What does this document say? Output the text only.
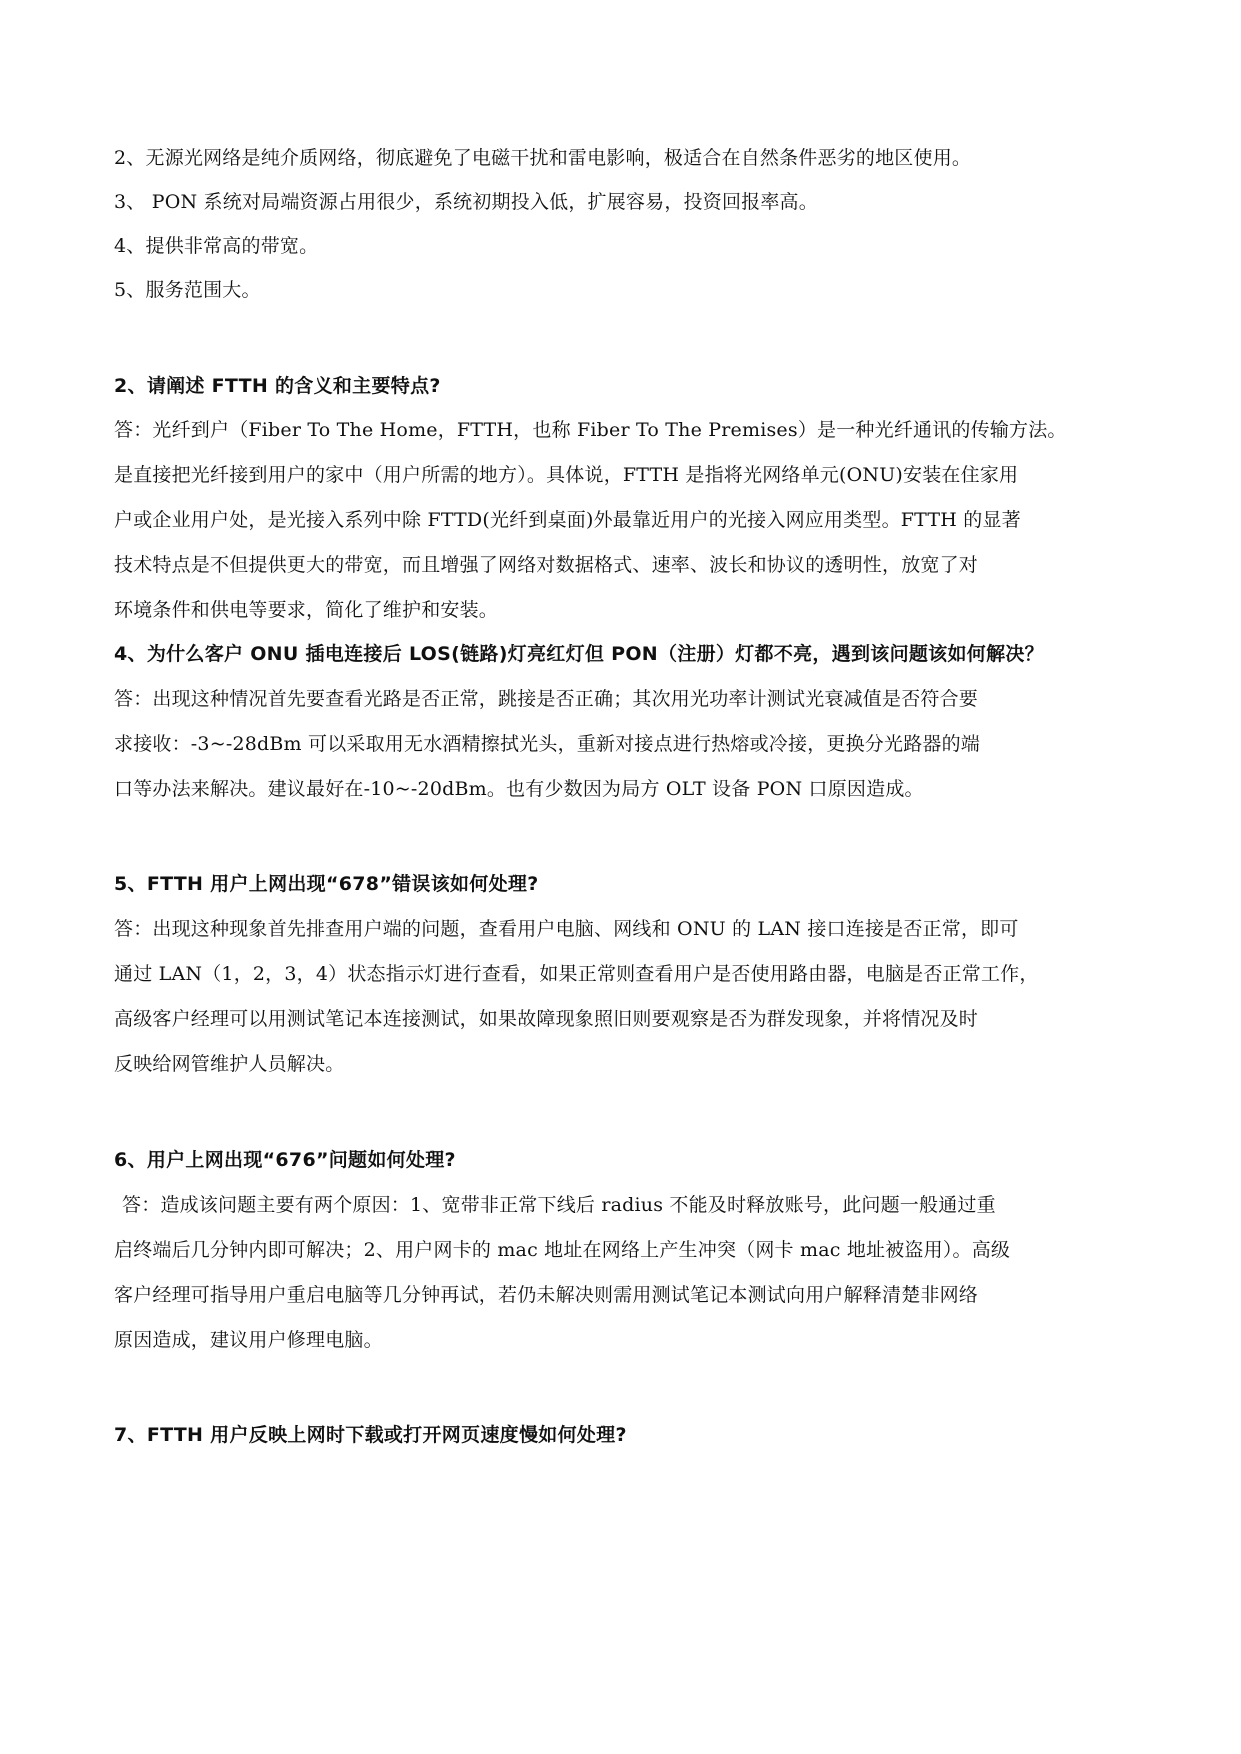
2、无源光网络是纯介质网络，彻底避免了电磁干扰和雷电影响，极适合在自然条件恶劣的地区使用。
3、 PON 系统对局端资源占用很少，系统初期投入低，扩展容易，投资回报率高。
4、提供非常高的带宽。
5、服务范围大。
2、请阐述 FTTH 的含义和主要特点?
答：光纤到户（Fiber To The Home，FTTH，也称 Fiber To The Premises）是一种光纤通讯的传输方法。
是直接把光纤接到用户的家中（用户所需的地方）。具体说，FTTH 是指将光网络单元(ONU)安装在住家用
户或企业用户处，是光接入系列中除 FTTD(光纤到桌面)外最靠近用户的光接入网应用类型。FTTH 的显著
技术特点是不但提供更大的带宽，而且增强了网络对数据格式、速率、波长和协议的透明性，放宽了对
环境条件和供电等要求，简化了维护和安装。
4、为什么客户 ONU 插电连接后 LOS(链路)灯亮红灯但 PON（注册）灯都不亮，遇到该问题该如何解决？
答：出现这种情况首先要查看光路是否正常，跳接是否正确；其次用光功率计测试光衰减值是否符合要
求接收：-3~-28dBm 可以采取用无水酒精擦拭光头，重新对接点进行热熔或冷接，更换分光路器的端
口等办法来解决。建议最好在-10~-20dBm。也有少数因为局方 OLT 设备 PON 口原因造成。
5、FTTH 用户上网出现“678”错误该如何处理?
答：出现这种现象首先排查用户端的问题，查看用户电脑、网线和 ONU 的 LAN 接口连接是否正常，即可
通过 LAN（1，2，3，4）状态指示灯进行查看，如果正常则查看用户是否使用路由器，电脑是否正常工作，
高级客户经理可以用测试笔记本连接测试，如果故障现象照旧则要观察是否为群发现象，并将情况及时
反映给网管维护人员解决。
6、用户上网出现“676”问题如何处理?
答：造成该问题主要有两个原因：1、宽带非正常下线后 radius 不能及时释放账号，此问题一般通过重
启终端后几分钟内即可解决；2、用户网卡的 mac 地址在网络上产生冲突（网卡 mac 地址被盗用）。高级
客户经理可指导用户重启电脑等几分钟再试，若仍未解决则需用测试笔记本测试向用户解释清楚非网络
原因造成，建议用户修理电脑。
7、FTTH 用户反映上网时下载或打开网页速度慢如何处理?
